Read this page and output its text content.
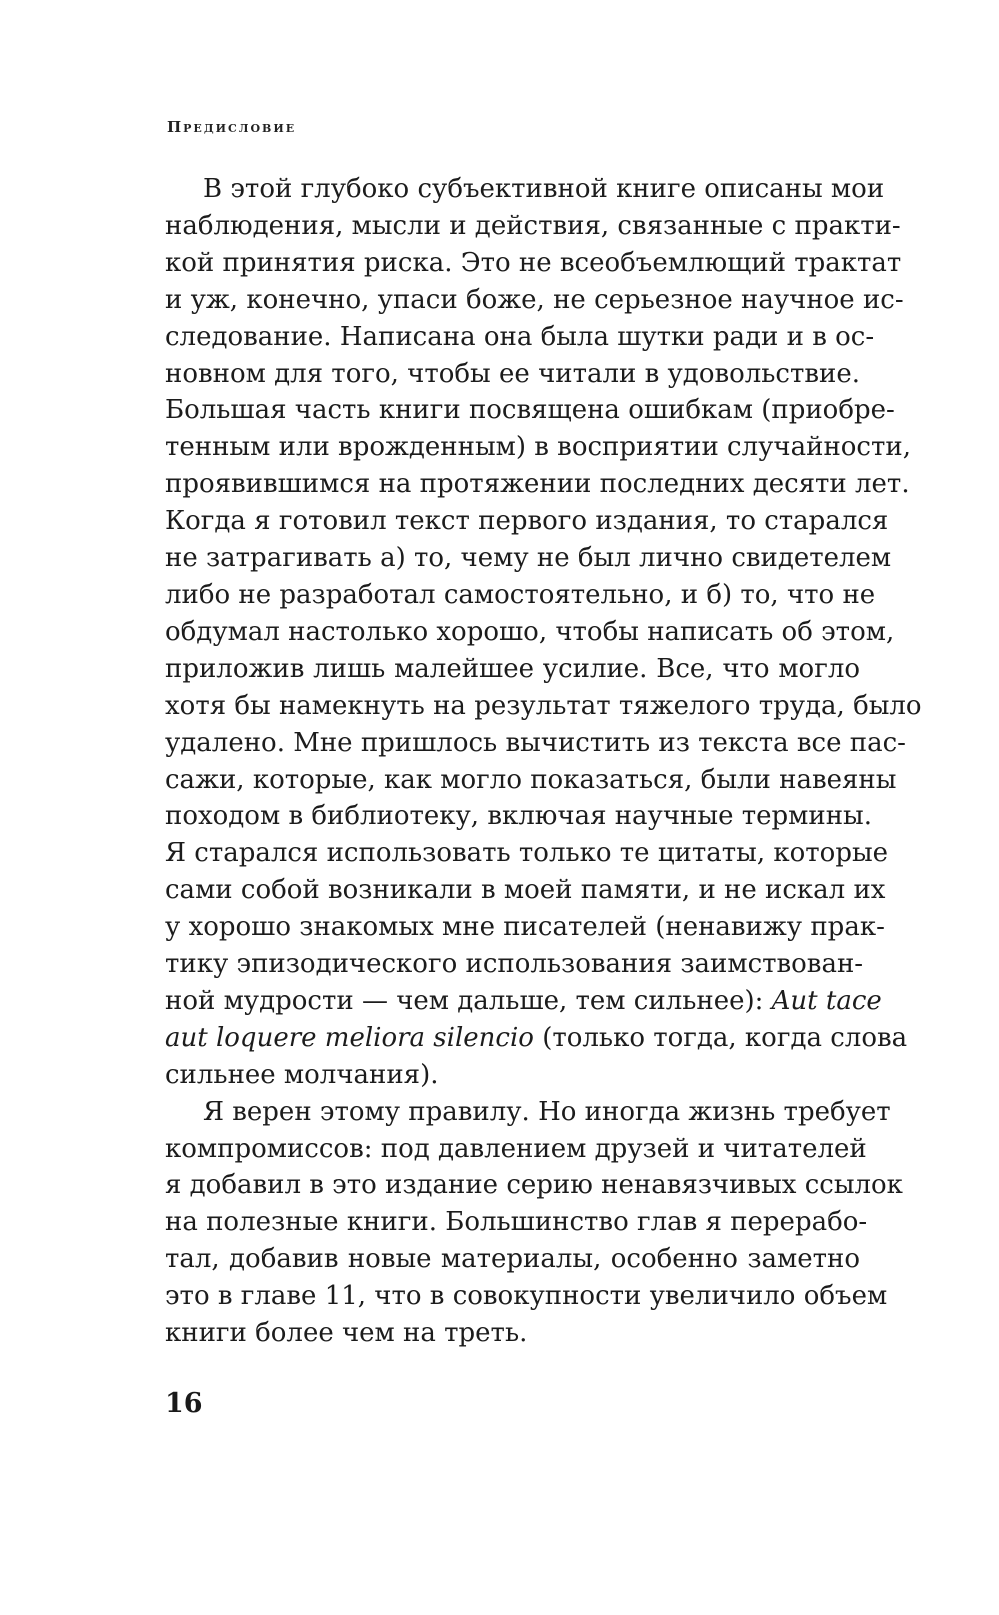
Предисловие
В этой глубоко субъективной книге описаны мои
наблюдения, мысли и действия, связанные с практи-
кой принятия риска. Это не всеобъемлющий трактат
и уж, конечно, упаси боже, не серьезное научное ис-
следование. Написана она была шутки ради и в ос-
новном для того, чтобы ее читали в удовольствие.
Большая часть книги посвящена ошибкам (приобре-
тенным или врожденным) в восприятии случайности,
проявившимся на протяжении последних десяти лет.
Когда я готовил текст первого издания, то старался
не затрагивать а) то, чему не был лично свидетелем
либо не разработал самостоятельно, и б) то, что не
обдумал настолько хорошо, чтобы написать об этом,
приложив лишь малейшее усилие. Все, что могло
хотя бы намекнуть на результат тяжелого труда, было
удалено. Мне пришлось вычистить из текста все пас-
сажи, которые, как могло показаться, были навеяны
походом в библиотеку, включая научные термины.
Я старался использовать только те цитаты, которые
сами собой возникали в моей памяти, и не искал их
у хорошо знакомых мне писателей (ненавижу прак-
тику эпизодического использования заимствован-
ной мудрости — чем дальше, тем сильнее): Aut tace
aut loquere meliora silencio (только тогда, когда слова
сильнее молчания).
Я верен этому правилу. Но иногда жизнь требует
компромиссов: под давлением друзей и читателей
я добавил в это издание серию ненавязчивых ссылок
на полезные книги. Большинство глав я перерабо-
тал, добавив новые материалы, особенно заметно
это в главе 11, что в совокупности увеличило объем
книги более чем на треть.
16
